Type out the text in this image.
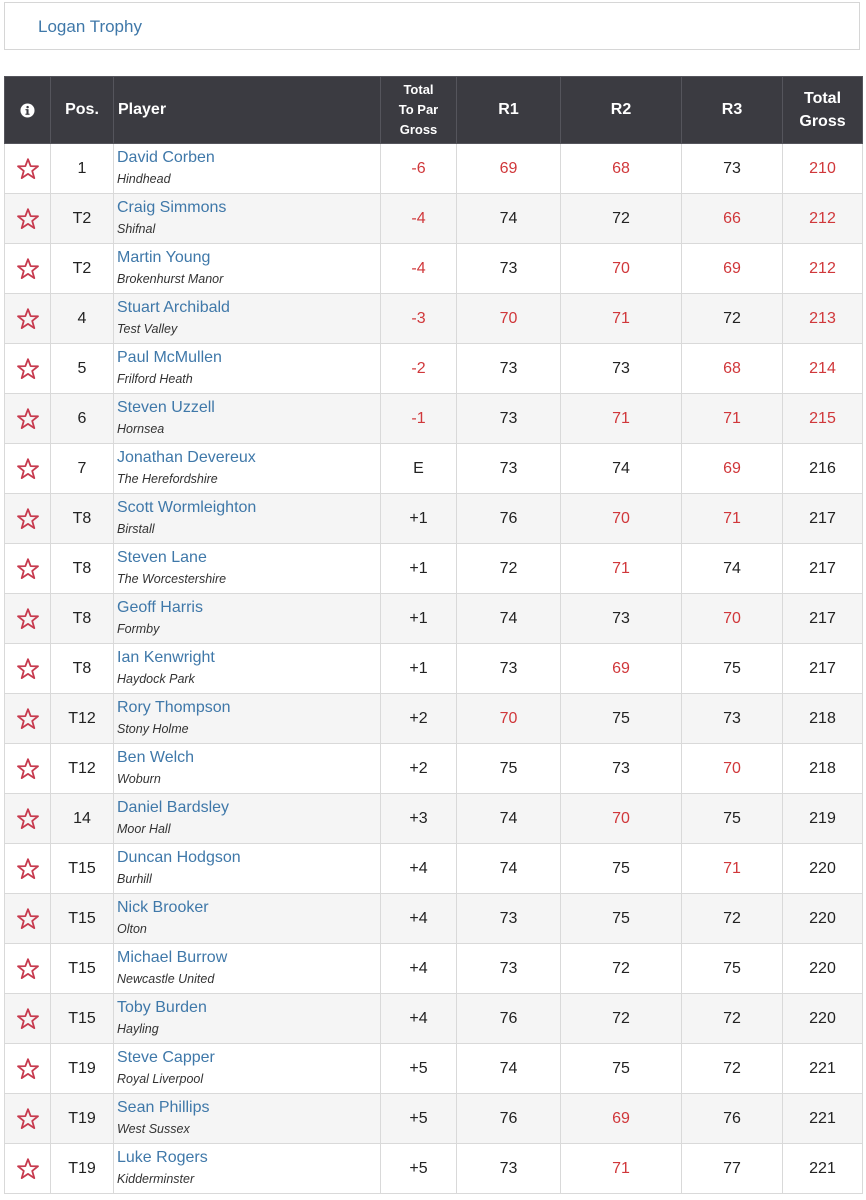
Logan Trophy
	Pos.	Player	Total
To Par
Gross	R1	R2	R3	Total
Gross

	1	David Corben
Hindhead	-6	69	68	73	210

	T2	Craig Simmons
Shifnal	-4	74	72	66	212

	T2	Martin Young
Brokenhurst Manor	-4	73	70	69	212

	4	Stuart Archibald
Test Valley	-3	70	71	72	213

	5	Paul McMullen
Frilford Heath	-2	73	73	68	214

	6	Steven Uzzell
Hornsea	-1	73	71	71	215

	7	Jonathan Devereux
The Herefordshire	E	73	74	69	216

	T8	Scott Wormleighton
Birstall	+1	76	70	71	217

	T8	Steven Lane
The Worcestershire	+1	72	71	74	217

	T8	Geoff Harris
Formby	+1	74	73	70	217

	T8	Ian Kenwright
Haydock Park	+1	73	69	75	217

	T12	Rory Thompson
Stony Holme	+2	70	75	73	218

	T12	Ben Welch
Woburn	+2	75	73	70	218

	14	Daniel Bardsley
Moor Hall	+3	74	70	75	219

	T15	Duncan Hodgson
Burhill	+4	74	75	71	220

	T15	Nick Brooker
Olton	+4	73	75	72	220

	T15	Michael Burrow
Newcastle United	+4	73	72	75	220

	T15	Toby Burden
Hayling	+4	76	72	72	220

	T19	Steve Capper
Royal Liverpool	+5	74	75	72	221

	T19	Sean Phillips
West Sussex	+5	76	69	76	221

	T19	Luke Rogers
Kidderminster	+5	73	71	77	221
